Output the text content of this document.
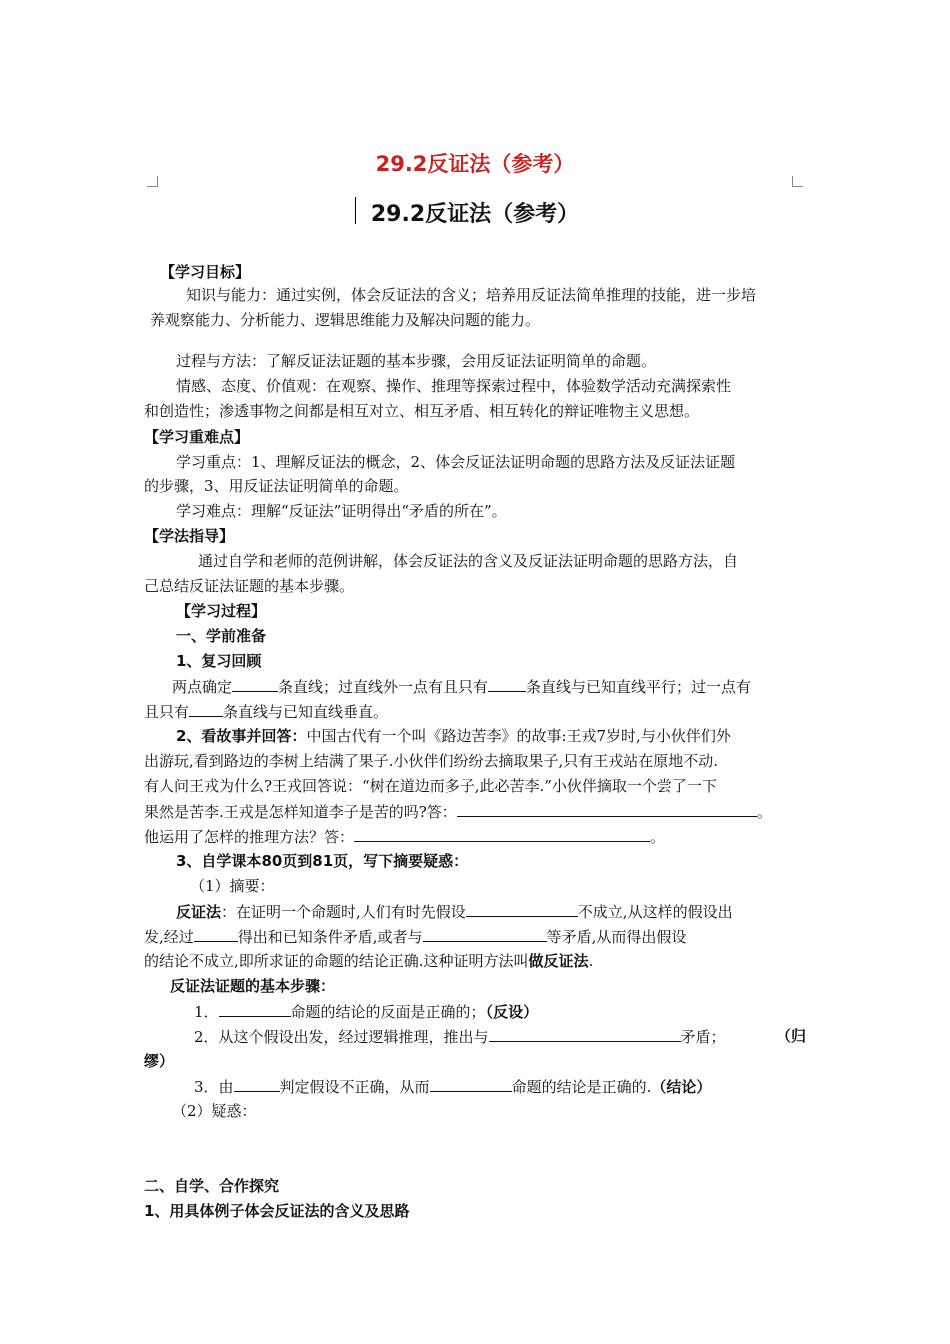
29.2反证法（参考）
29.2反证法（参考）
【学习目标】
知识与能力：通过实例，体会反证法的含义；培养用反证法简单推理的技能，进一步培
养观察能力、分析能力、逻辑思维能力及解决问题的能力。
过程与方法：了解反证法证题的基本步骤，会用反证法证明简单的命题。
情感、态度、价值观：在观察、操作、推理等探索过程中，体验数学活动充满探索性
和创造性；渗透事物之间都是相互对立、相互矛盾、相互转化的辩证唯物主义思想。
【学习重难点】
学习重点：1、理解反证法的概念，2、体会反证法证明命题的思路方法及反证法证题
的步骤，3、用反证法证明简单的命题。
学习难点：理解“反证法”证明得出“矛盾的所在”。
【学法指导】
通过自学和老师的范例讲解，体会反证法的含义及反证法证明命题的思路方法，自
己总结反证法证题的基本步骤。
【学习过程】
一、学前准备
1、复习回顾
两点确定	条直线；过直线外一点有且只有	条直线与已知直线平行；过一点有
且只有 条直线与已知直线垂直。
2、看故事并回答：中国古代有一个叫《路边苦李》的故事:王戎7岁时,与小伙伴们外
出游玩,看到路边的李树上结满了果子.小伙伴们纷纷去摘取果子,只有王戎站在原地不动.
有人问王戎为什么?王戎回答说：“树在道边而多子,此必苦李.”小伙伴摘取一个尝了一下
果然是苦李.王戎是怎样知道李子是苦的吗?答：	。
他运用了怎样的推理方法？答：	。
3、自学课本80页到81页，写下摘要疑惑：
（1）摘要：
反证法：在证明一个命题时,人们有时先假设	不成立,从这样的假设出
发,经过	得出和已知条件矛盾,或者与	等矛盾,从而得出假设
的结论不成立,即所求证的命题的结论正确.这种证明方法叫做反证法.
反证法证题的基本步骤：
1．	命题的结论的反面是正确的；（反设）
2．从这个假设出发，经过逻辑推理，推出与	矛盾；	（归
缪）
3．由	判定假设不正确，从而	命题的结论是正确的.（结论）
（2）疑惑：
二、自学、合作探究
1、用具体例子体会反证法的含义及思路
